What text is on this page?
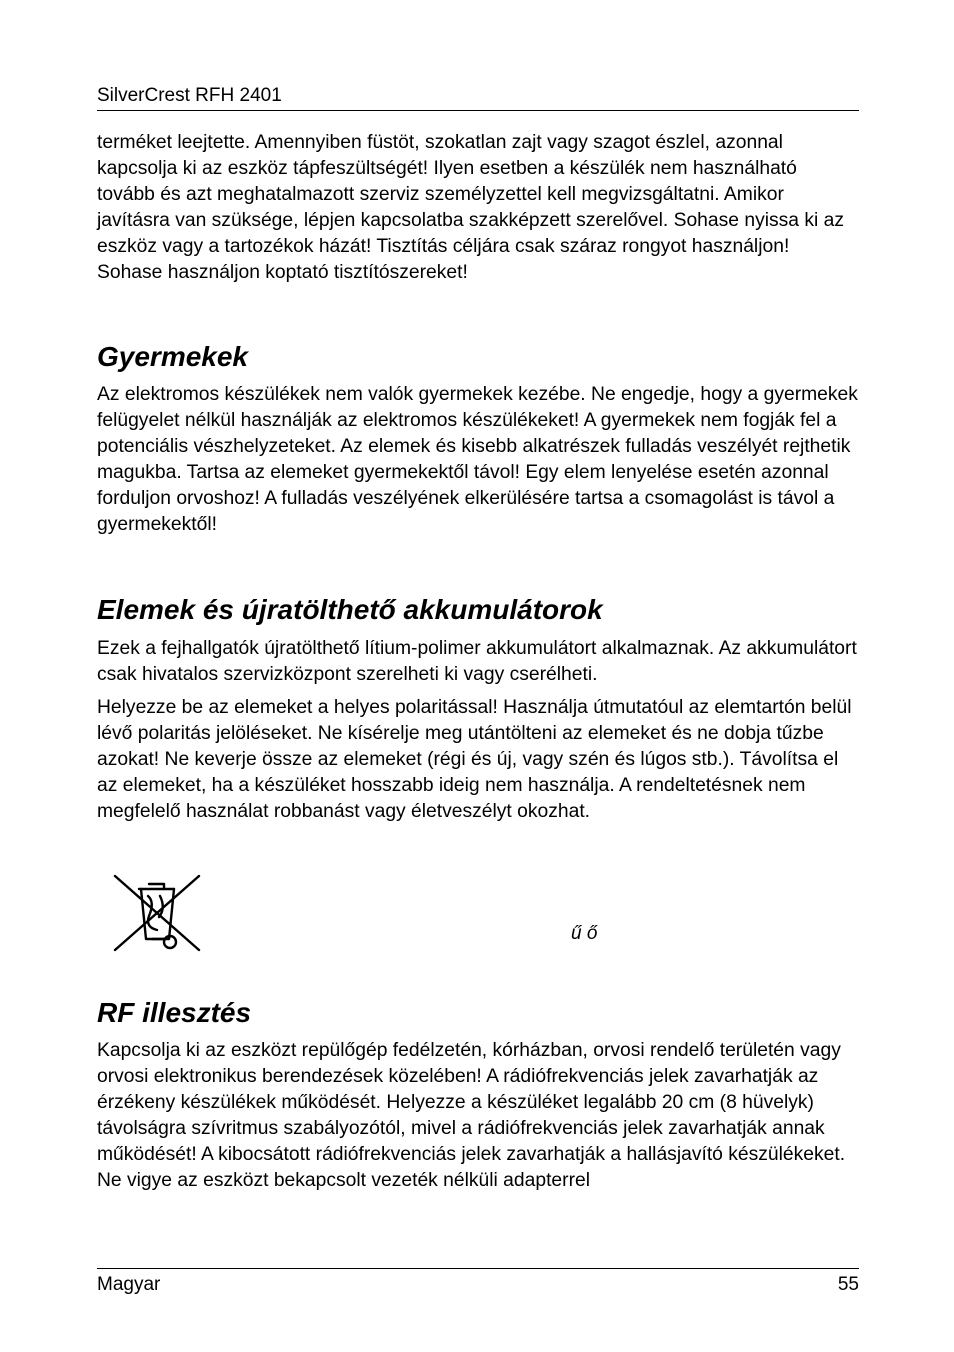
SilverCrest RFH 2401

terméket leejtette. Amennyiben füstöt, szokatlan zajt vagy szagot észlel, azonnal kapcsolja ki az eszköz tápfeszültségét! Ilyen esetben a készülék nem használható tovább és azt meghatalmazott szerviz személyzettel kell megvizsgáltatni. Amikor javításra van szüksége, lépjen kapcsolatba szakképzett szerelővel. Sohase nyissa ki az eszköz vagy a tartozékok házát! Tisztítás céljára csak száraz rongyot használjon! Sohase használjon koptató tisztítószereket!

Gyermekek

Az elektromos készülékek nem valók gyermekek kezébe. Ne engedje, hogy a gyermekek felügyelet nélkül használják az elektromos készülékeket! A gyermekek nem fogják fel a potenciális vészhelyzeteket. Az elemek és kisebb alkatrészek fulladás veszélyét rejthetik magukba. Tartsa az elemeket gyermekektől távol! Egy elem lenyelése esetén azonnal forduljon orvoshoz! A fulladás veszélyének elkerülésére tartsa a csomagolást is távol a gyermekektől!

Elemek és újratölthető akkumulátorok

Ezek a fejhallgatók újratölthető lítium-polimer akkumulátort alkalmaznak. Az akkumulátort csak hivatalos szervizközpont szerelheti ki vagy cserélheti.

Helyezze be az elemeket a helyes polaritással! Használja útmutatóul az elemtartón belül lévő polaritás jelöléseket. Ne kísérelje meg utántölteni az elemeket és ne dobja tűzbe azokat! Ne keverje össze az elemeket (régi és új, vagy szén és lúgos stb.). Távolítsa el az elemeket, ha a készüléket hosszabb ideig nem használja. A rendeltetésnek nem megfelelő használat robbanást vagy életveszélyt okozhat.

ű ő
RF illesztés

Kapcsolja ki az eszközt repülőgép fedélzetén, kórházban, orvosi rendelő területén vagy orvosi elektronikus berendezések közelében! A rádiófrekvenciás jelek zavarhatják az érzékeny készülékek működését. Helyezze a készüléket legalább 20 cm (8 hüvelyk) távolságra szívritmus szabályozótól, mivel a rádiófrekvenciás jelek zavarhatják annak működését! A kibocsátott rádiófrekvenciás jelek zavarhatják a hallásjavító készülékeket. Ne vigye az eszközt bekapcsolt vezeték nélküli adapterrel

Magyar	55
